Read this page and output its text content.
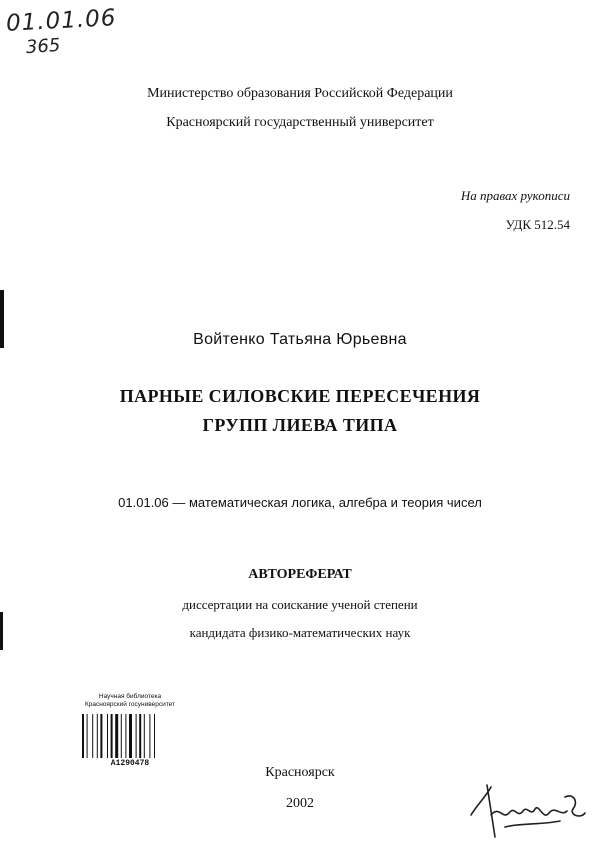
01.01.06
365
Министерство образования Российской Федерации
Красноярский государственный университет
На правах рукописи
УДК 512.54
Войтенко Татьяна Юрьевна
ПАРНЫЕ СИЛОВСКИЕ ПЕРЕСЕЧЕНИЯ
ГРУПП ЛИЕВА ТИПА
01.01.06 — математическая логика, алгебра и теория чисел
АВТОРЕФЕРАТ
диссертации на соискание ученой степени
кандидата физико-математических наук
Научная библиотека
Красноярский госуниверситет
A1290478
Красноярск
2002
